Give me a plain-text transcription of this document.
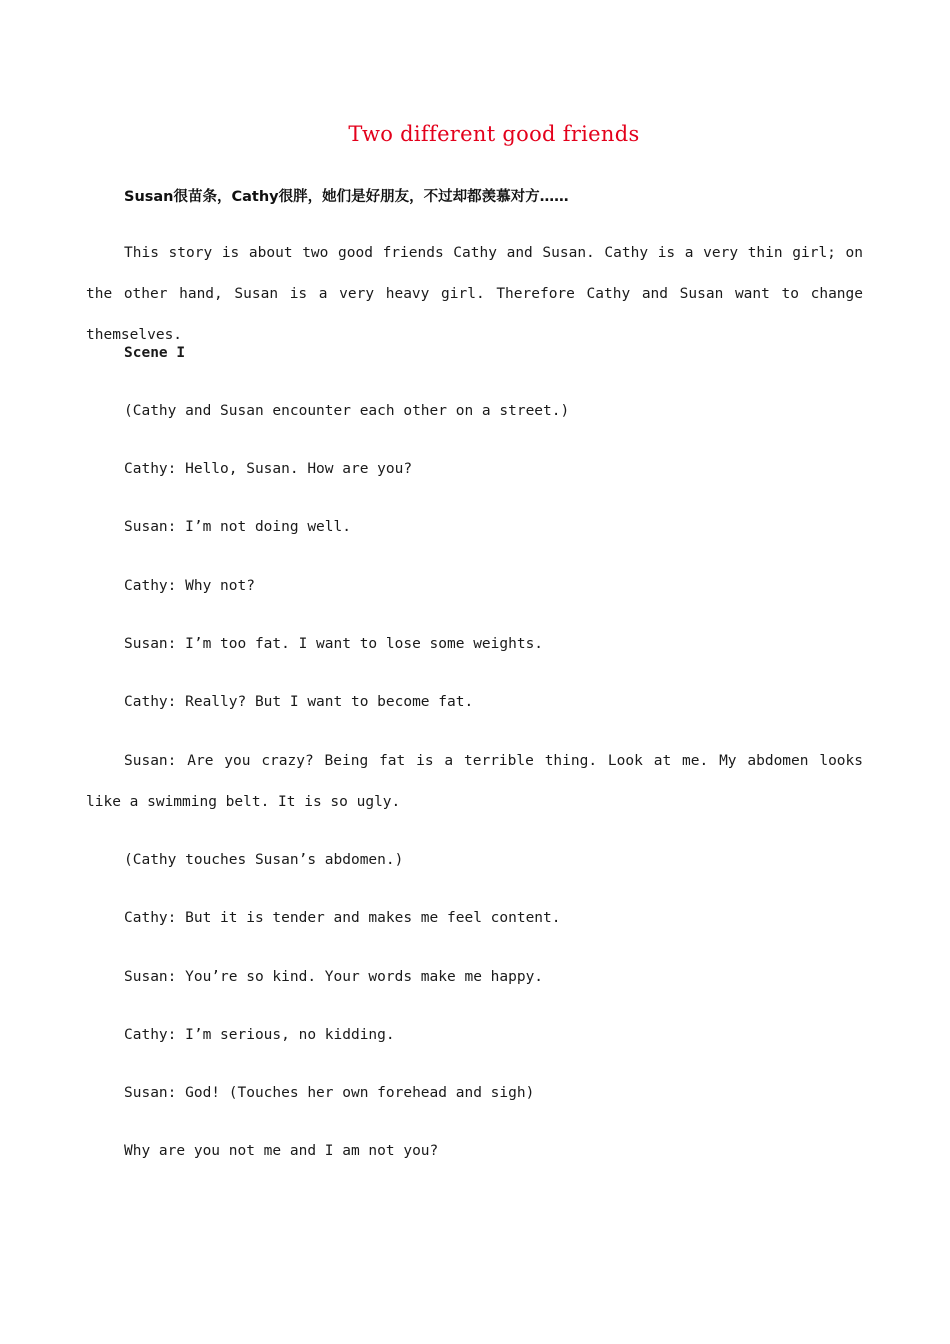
Two different good friends

Susan很苗条，Cathy很胖，她们是好朋友，不过却都羡慕对方……

This story is about two good friends Cathy and Susan. Cathy is a very thin girl; on the other hand, Susan is a very heavy girl. Therefore Cathy and Susan want to change themselves.

Scene I

(Cathy and Susan encounter each other on a street.)

Cathy: Hello, Susan. How are you?

Susan: I’m not doing well.

Cathy: Why not?

Susan: I’m too fat. I want to lose some weights.

Cathy: Really? But I want to become fat.

Susan: Are you crazy? Being fat is a terrible thing. Look at me. My abdomen looks like a swimming belt. It is so ugly.

(Cathy touches Susan’s abdomen.)

Cathy: But it is tender and makes me feel content.

Susan: You’re so kind. Your words make me happy.

Cathy: I’m serious, no kidding.

Susan: God! (Touches her own forehead and sigh)

Why are you not me and I am not you?
